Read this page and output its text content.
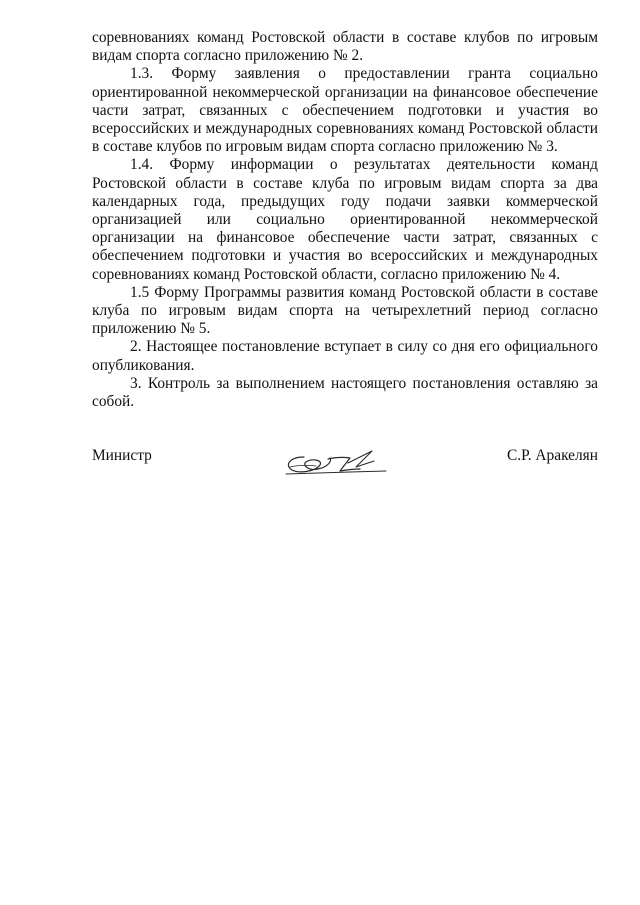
соревнованиях команд Ростовской области в составе клубов по игровым видам спорта согласно приложению № 2.

1.3. Форму заявления о предоставлении гранта социально ориентированной некоммерческой организации на финансовое обеспечение части затрат, связанных с обеспечением подготовки и участия во всероссийских и международных соревнованиях команд Ростовской области в составе клубов по игровым видам спорта согласно приложению № 3.

1.4. Форму информации о результатах деятельности команд Ростовской области в составе клуба по игровым видам спорта за два календарных года, предыдущих году подачи заявки коммерческой организацией или социально ориентированной некоммерческой организации на финансовое обеспечение части затрат, связанных с обеспечением подготовки и участия во всероссийских и международных соревнованиях команд Ростовской области, согласно приложению № 4.

1.5 Форму Программы развития команд Ростовской области в составе клуба по игровым видам спорта на четырехлетний период согласно приложению № 5.

2. Настоящее постановление вступает в силу со дня его официального опубликования.

3. Контроль за выполнением настоящего постановления оставляю за собой.

Министр	С.Р. Аракелян
